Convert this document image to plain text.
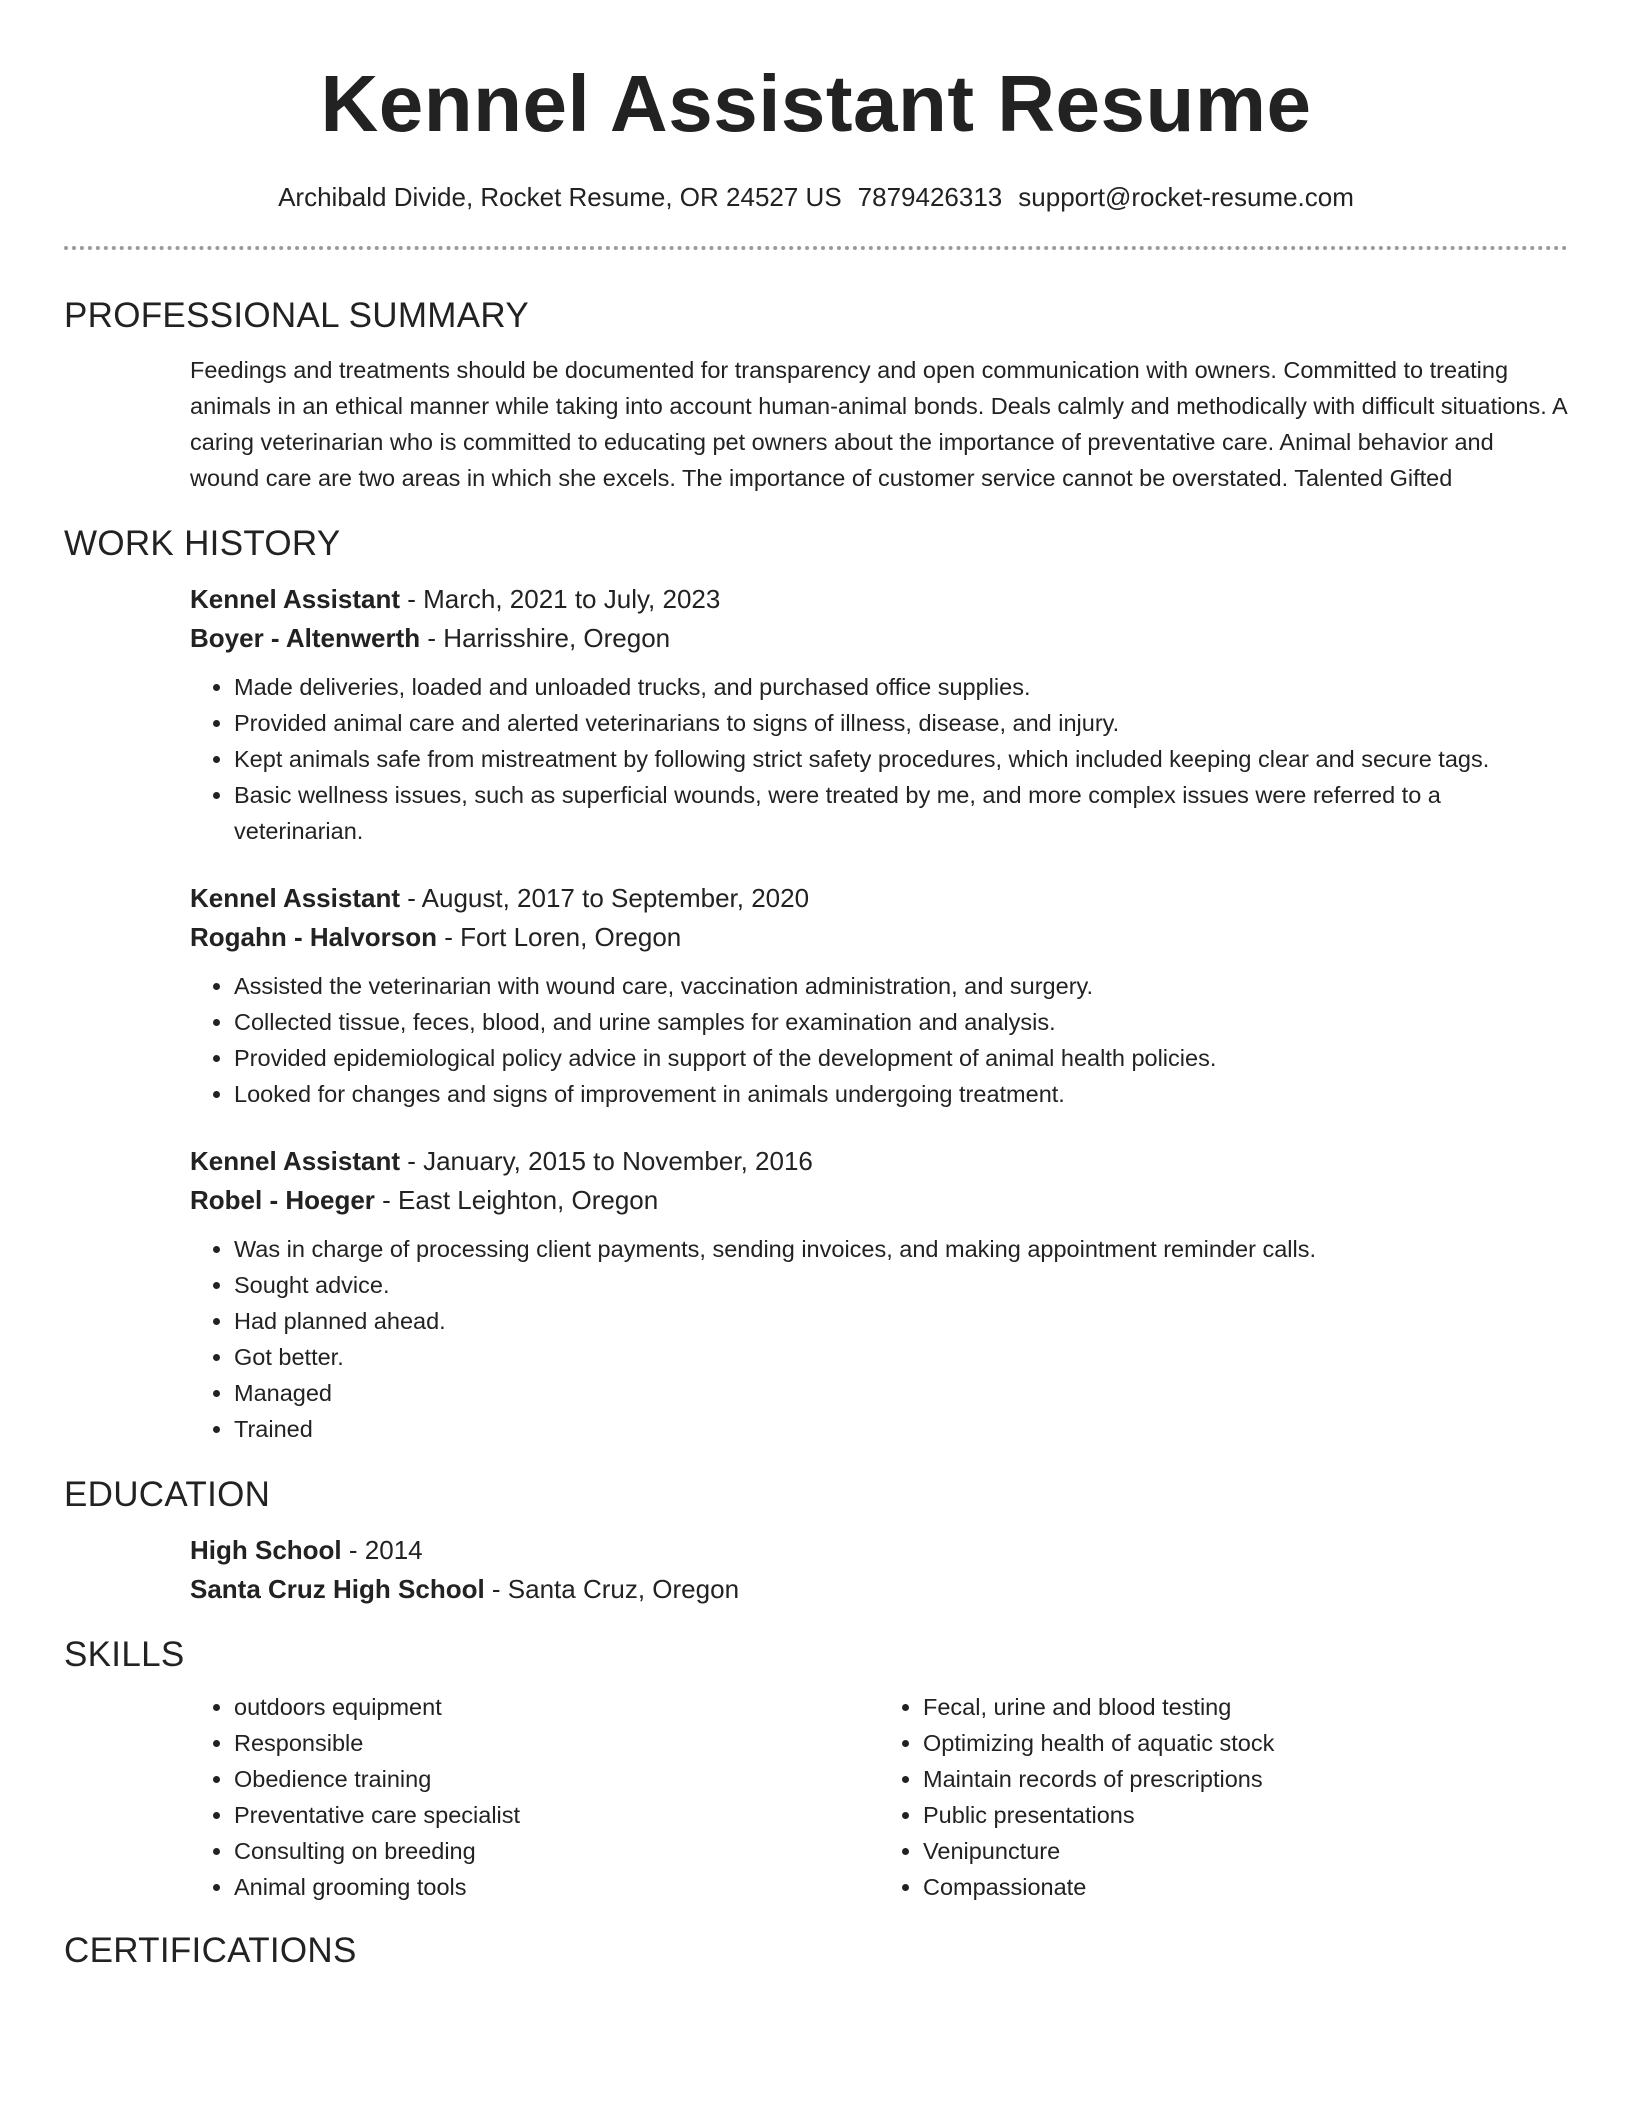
Kennel Assistant Resume
Archibald Divide, Rocket Resume, OR 24527 US 7879426313 support@rocket-resume.com
PROFESSIONAL SUMMARY

Feedings and treatments should be documented for transparency and open communication with owners. Committed to treating animals in an ethical manner while taking into account human-animal bonds. Deals calmly and methodically with difficult situations. A caring veterinarian who is committed to educating pet owners about the importance of preventative care. Animal behavior and wound care are two areas in which she excels. The importance of customer service cannot be overstated. Talented Gifted

WORK HISTORY
Kennel Assistant - March, 2021 to July, 2023
Boyer - Altenwerth - Harrisshire, Oregon
• Made deliveries, loaded and unloaded trucks, and purchased office supplies.
• Provided animal care and alerted veterinarians to signs of illness, disease, and injury.
• Kept animals safe from mistreatment by following strict safety procedures, which included keeping clear and secure tags.
• Basic wellness issues, such as superficial wounds, were treated by me, and more complex issues were referred to a veterinarian.
Kennel Assistant - August, 2017 to September, 2020
Rogahn - Halvorson - Fort Loren, Oregon
• Assisted the veterinarian with wound care, vaccination administration, and surgery.
• Collected tissue, feces, blood, and urine samples for examination and analysis.
• Provided epidemiological policy advice in support of the development of animal health policies.
• Looked for changes and signs of improvement in animals undergoing treatment.
Kennel Assistant - January, 2015 to November, 2016
Robel - Hoeger - East Leighton, Oregon
• Was in charge of processing client payments, sending invoices, and making appointment reminder calls.
• Sought advice.
• Had planned ahead.
• Got better.
• Managed
• Trained
EDUCATION
High School - 2014
Santa Cruz High School - Santa Cruz, Oregon
SKILLS
• outdoors equipment
• Responsible
• Obedience training
• Preventative care specialist
• Consulting on breeding
• Animal grooming tools
• Fecal, urine and blood testing
• Optimizing health of aquatic stock
• Maintain records of prescriptions
• Public presentations
• Venipuncture
• Compassionate
CERTIFICATIONS
